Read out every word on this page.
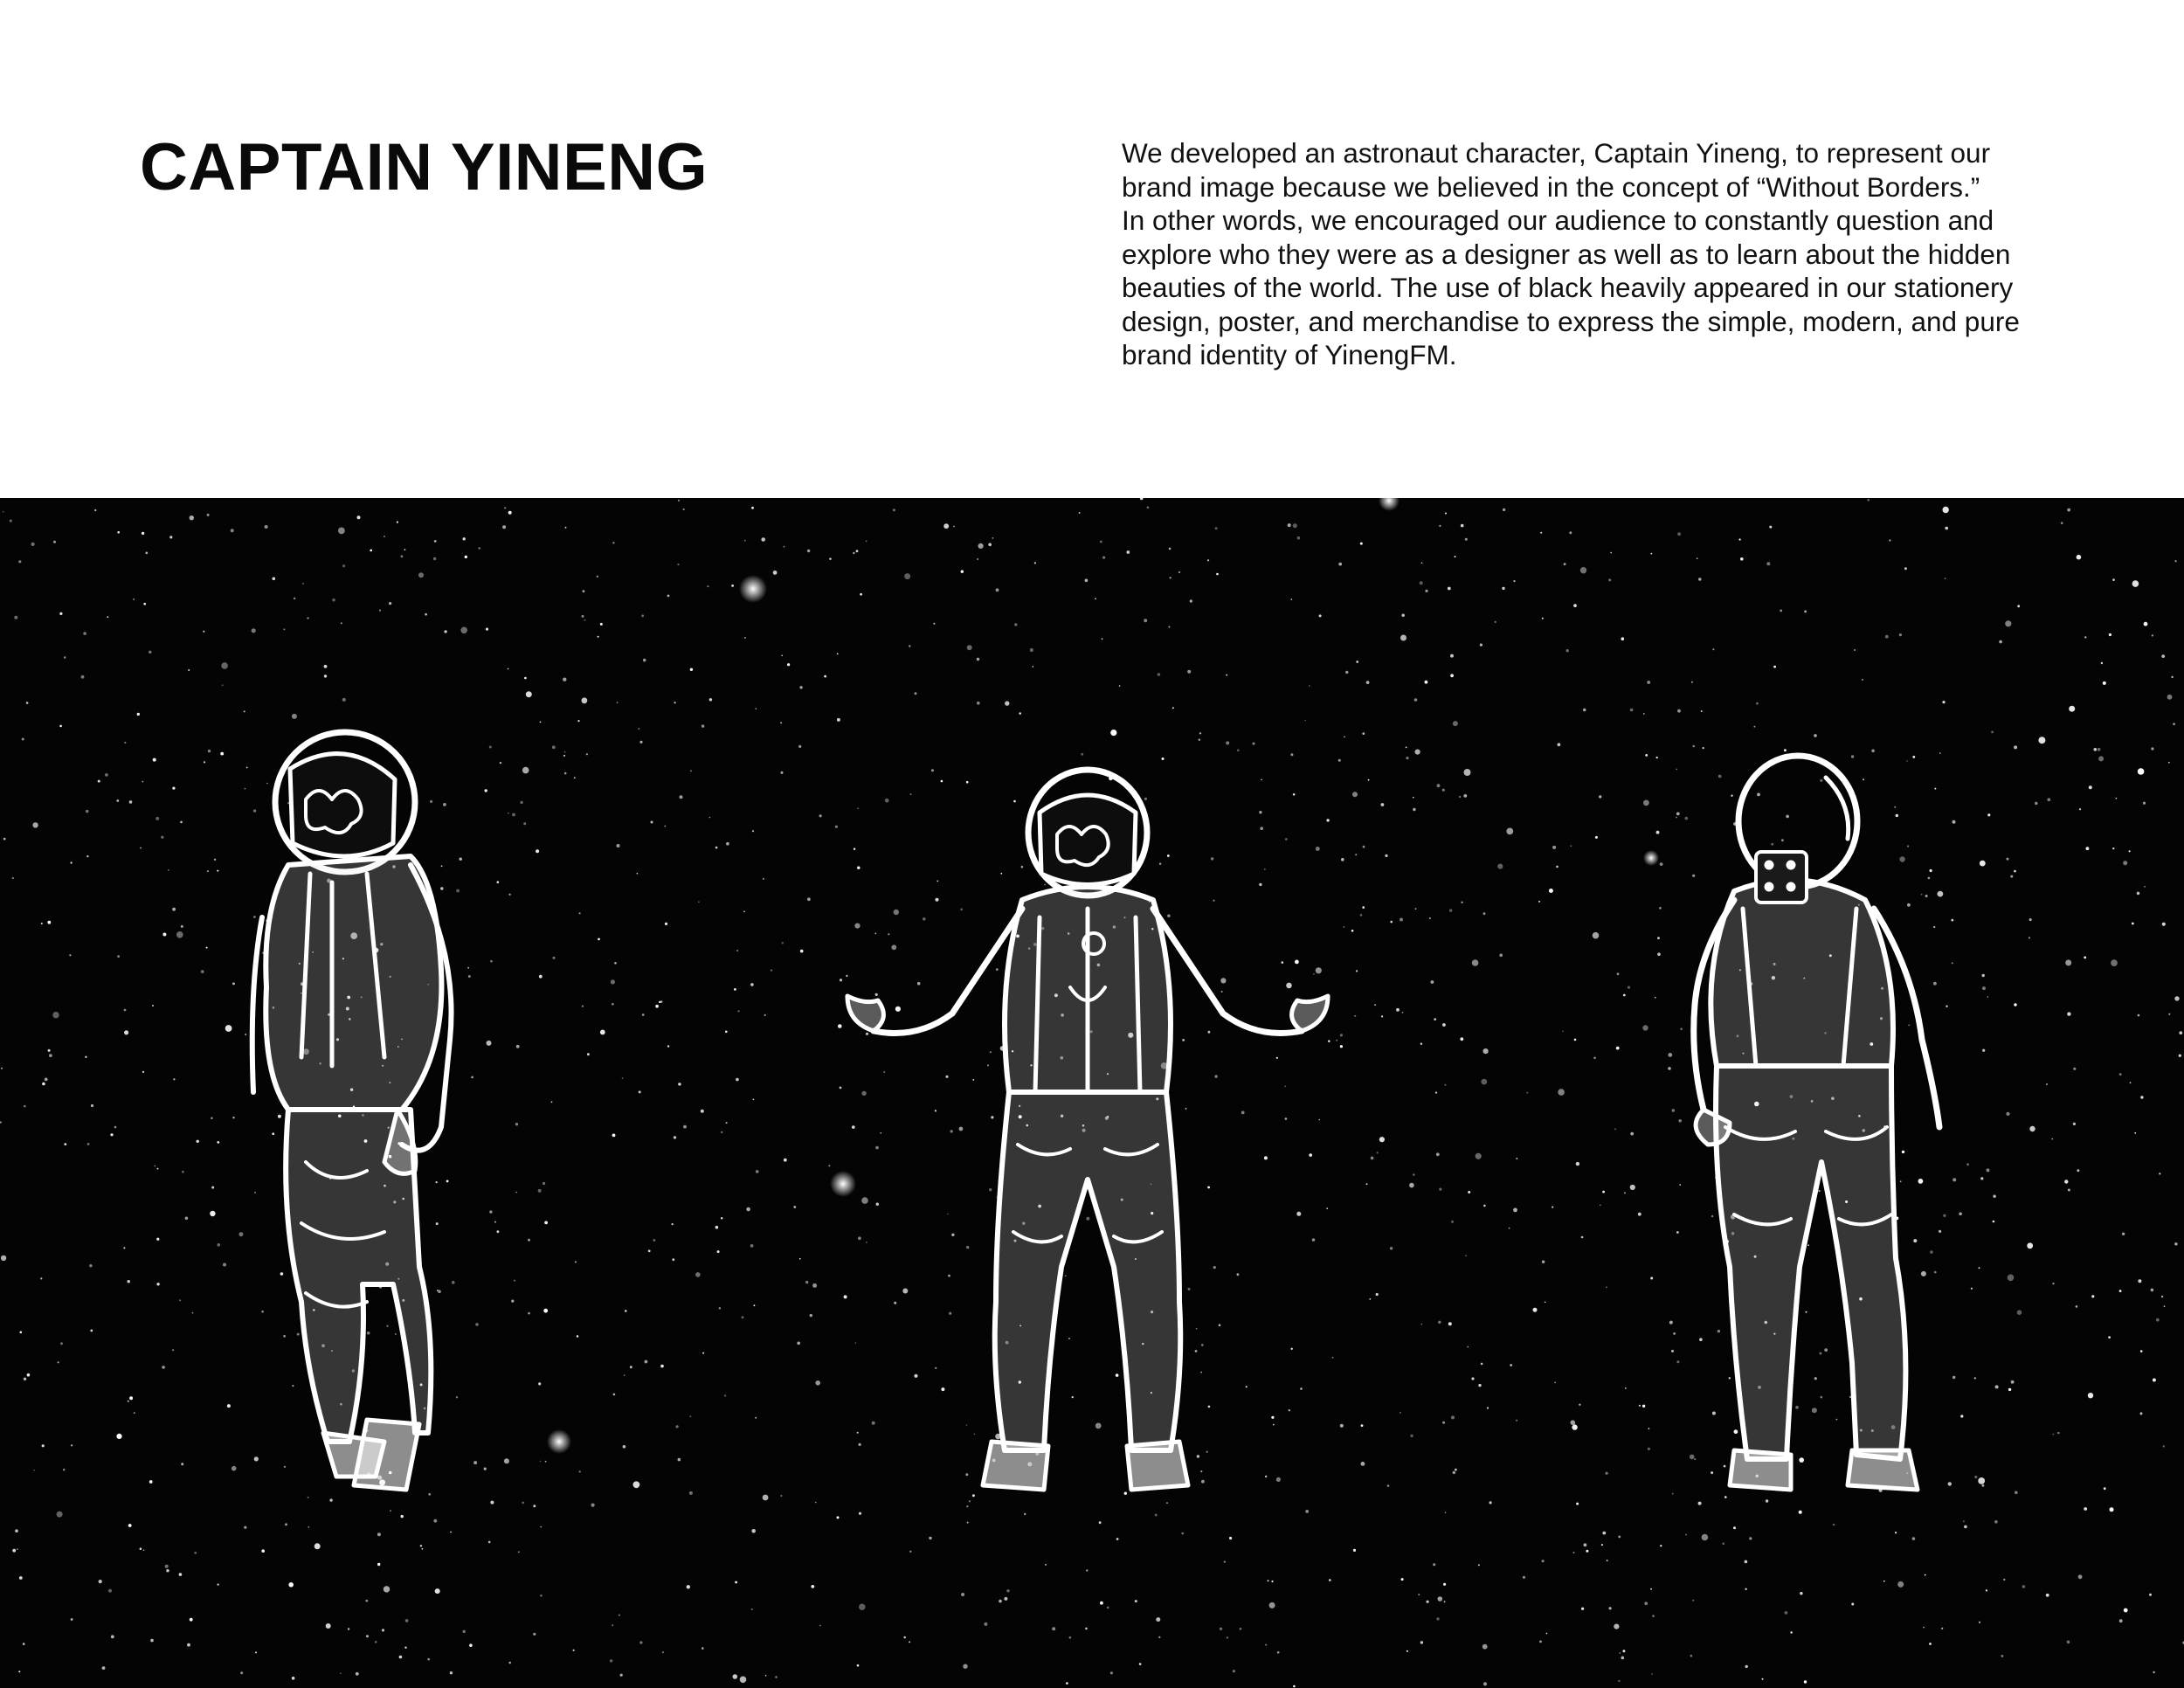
CAPTAIN YINENG	We developed an astronaut character, Captain Yineng, to represent our
brand image because we believed in the concept of “Without Borders.”
In other words, we encouraged our audience to constantly question and
explore who they were as a designer as well as to learn about the hidden
beauties of the world. The use of black heavily appeared in our stationery
design, poster, and merchandise to express the simple, modern, and pure
brand identity of YinengFM.
